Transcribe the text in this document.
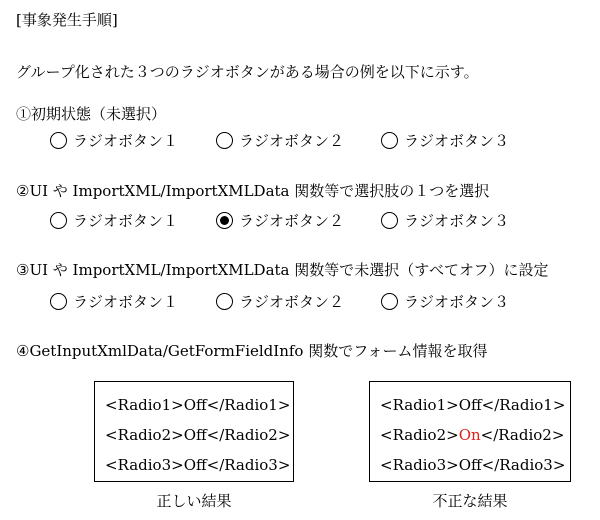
[事象発生手順]
グループ化された３つのラジオボタンがある場合の例を以下に示す。
①初期状態（未選択）
ラジオボタン１	ラジオボタン２	ラジオボタン３
②UI や ImportXML/ImportXMLData 関数等で選択肢の１つを選択
ラジオボタン１	ラジオボタン２	ラジオボタン３
③UI や ImportXML/ImportXMLData 関数等で未選択（すべてオフ）に設定
ラジオボタン１	ラジオボタン２	ラジオボタン３
④GetInputXmlData/GetFormFieldInfo 関数でフォーム情報を取得
<Radio1>Off</Radio1>
<Radio2>Off</Radio2>
<Radio3>Off</Radio3>
正しい結果
<Radio1>Off</Radio1>
<Radio2>On</Radio2>
<Radio3>Off</Radio3>
不正な結果
